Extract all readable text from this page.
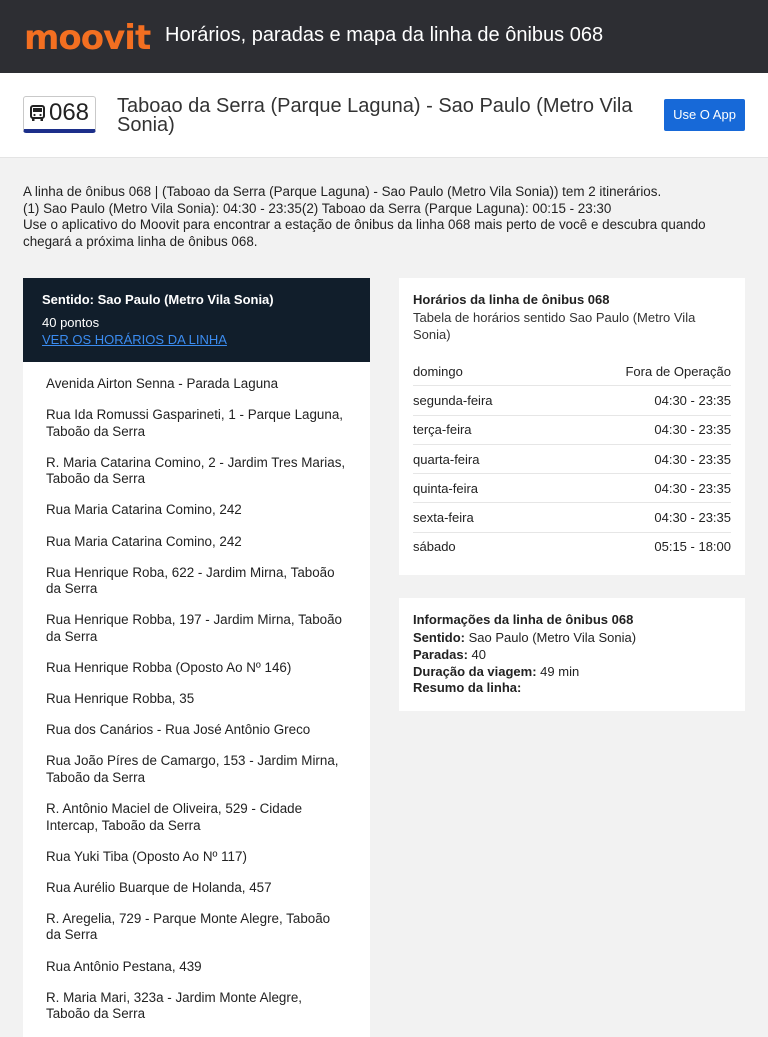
moovit Horários, paradas e mapa da linha de ônibus 068
068 Taboao da Serra (Parque Laguna) - Sao Paulo (Metro Vila Sonia)	Use O App
A linha de ônibus 068 | (Taboao da Serra (Parque Laguna) - Sao Paulo (Metro Vila Sonia)) tem 2 itinerários.
(1) Sao Paulo (Metro Vila Sonia): 04:30 - 23:35(2) Taboao da Serra (Parque Laguna): 00:15 - 23:30
Use o aplicativo do Moovit para encontrar a estação de ônibus da linha 068 mais perto de você e descubra quando
chegará a próxima linha de ônibus 068.
Sentido: Sao Paulo (Metro Vila Sonia)
40 pontos
VER OS HORÁRIOS DA LINHA
Avenida Airton Senna - Parada Laguna
Rua Ida Romussi Gasparineti, 1 - Parque Laguna, Taboão da Serra
R. Maria Catarina Comino, 2 - Jardim Tres Marias, Taboão da Serra
Rua Maria Catarina Comino, 242
Rua Maria Catarina Comino, 242
Rua Henrique Roba, 622 - Jardim Mirna, Taboão da Serra
Rua Henrique Robba, 197 - Jardim Mirna, Taboão da Serra
Rua Henrique Robba (Oposto Ao Nº 146)
Rua Henrique Robba, 35
Rua dos Canários - Rua José Antônio Greco
Rua João Píres de Camargo, 153 - Jardim Mirna, Taboão da Serra
R. Antônio Maciel de Oliveira, 529 - Cidade Intercap, Taboão da Serra
Rua Yuki Tiba (Oposto Ao Nº 117)
Rua Aurélio Buarque de Holanda, 457
R. Aregelia, 729 - Parque Monte Alegre, Taboão da Serra
Rua Antônio Pestana, 439
R. Maria Mari, 323a - Jardim Monte Alegre, Taboão da Serra
Horários da linha de ônibus 068
Tabela de horários sentido Sao Paulo (Metro Vila Sonia)
domingo	Fora de Operação
segunda-feira	04:30 - 23:35
terça-feira	04:30 - 23:35
quarta-feira	04:30 - 23:35
quinta-feira	04:30 - 23:35
sexta-feira	04:30 - 23:35
sábado	05:15 - 18:00
Informações da linha de ônibus 068
Sentido: Sao Paulo (Metro Vila Sonia)
Paradas: 40
Duração da viagem: 49 min
Resumo da linha:
